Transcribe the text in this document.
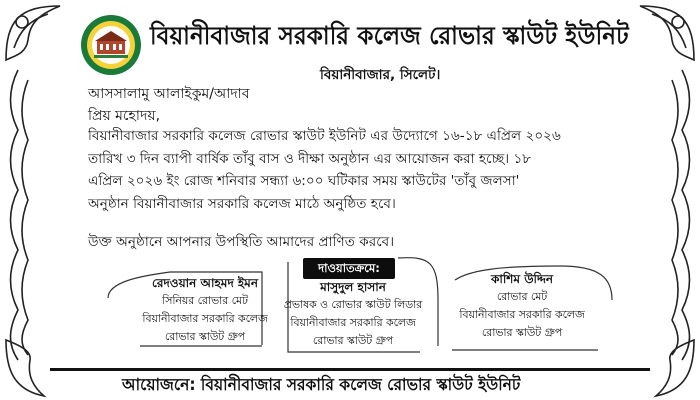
বিয়ানীবাজার সরকারি কলেজ রোভার স্কাউট ইউনিট
বিয়ানীবাজার, সিলেট।
আসসালামু আলাইকুম/আদাব
প্রিয় মহোদয়,
বিয়ানীবাজার সরকারি কলেজ রোভার স্কাউট ইউনিট এর উদ্যোগে ১৬-১৮ এপ্রিল ২০২৬
তারিখ ৩ দিন ব্যাপী বার্ষিক তাঁবু বাস ও দীক্ষা অনুষ্ঠান এর আয়োজন করা হচ্ছে। ১৮
এপ্রিল ২০২৬ ইং রোজ শনিবার সন্ধ্যা ৬:০০ ঘটিকার সময় স্কাউটের 'তাঁবু জলসা'
অনুষ্ঠান বিয়ানীবাজার সরকারি কলেজ মাঠে অনুষ্ঠিত হবে।
উক্ত অনুষ্ঠানে আপনার উপস্থিতি আমাদের প্রাণিত করবে।
দাওয়াতক্রমে:
রেদওয়ান আহমদ ইমন
সিনিয়র রোভার মেট
বিয়ানীবাজার সরকারি কলেজ
রোভার স্কাউট গ্রুপ
মাসুদুল হাসান
প্রভাষক ও রোভার স্কাউট লিডার
বিয়ানীবাজার সরকারি কলেজ
রোভার স্কাউট গ্রুপ
কাশিম উদ্দিন
রোভার মেট
বিয়ানীবাজার সরকারি কলেজ
রোভার স্কাউট গ্রুপ
আয়োজনে: বিয়ানীবাজার সরকারি কলেজ রোভার স্কাউট ইউনিট
